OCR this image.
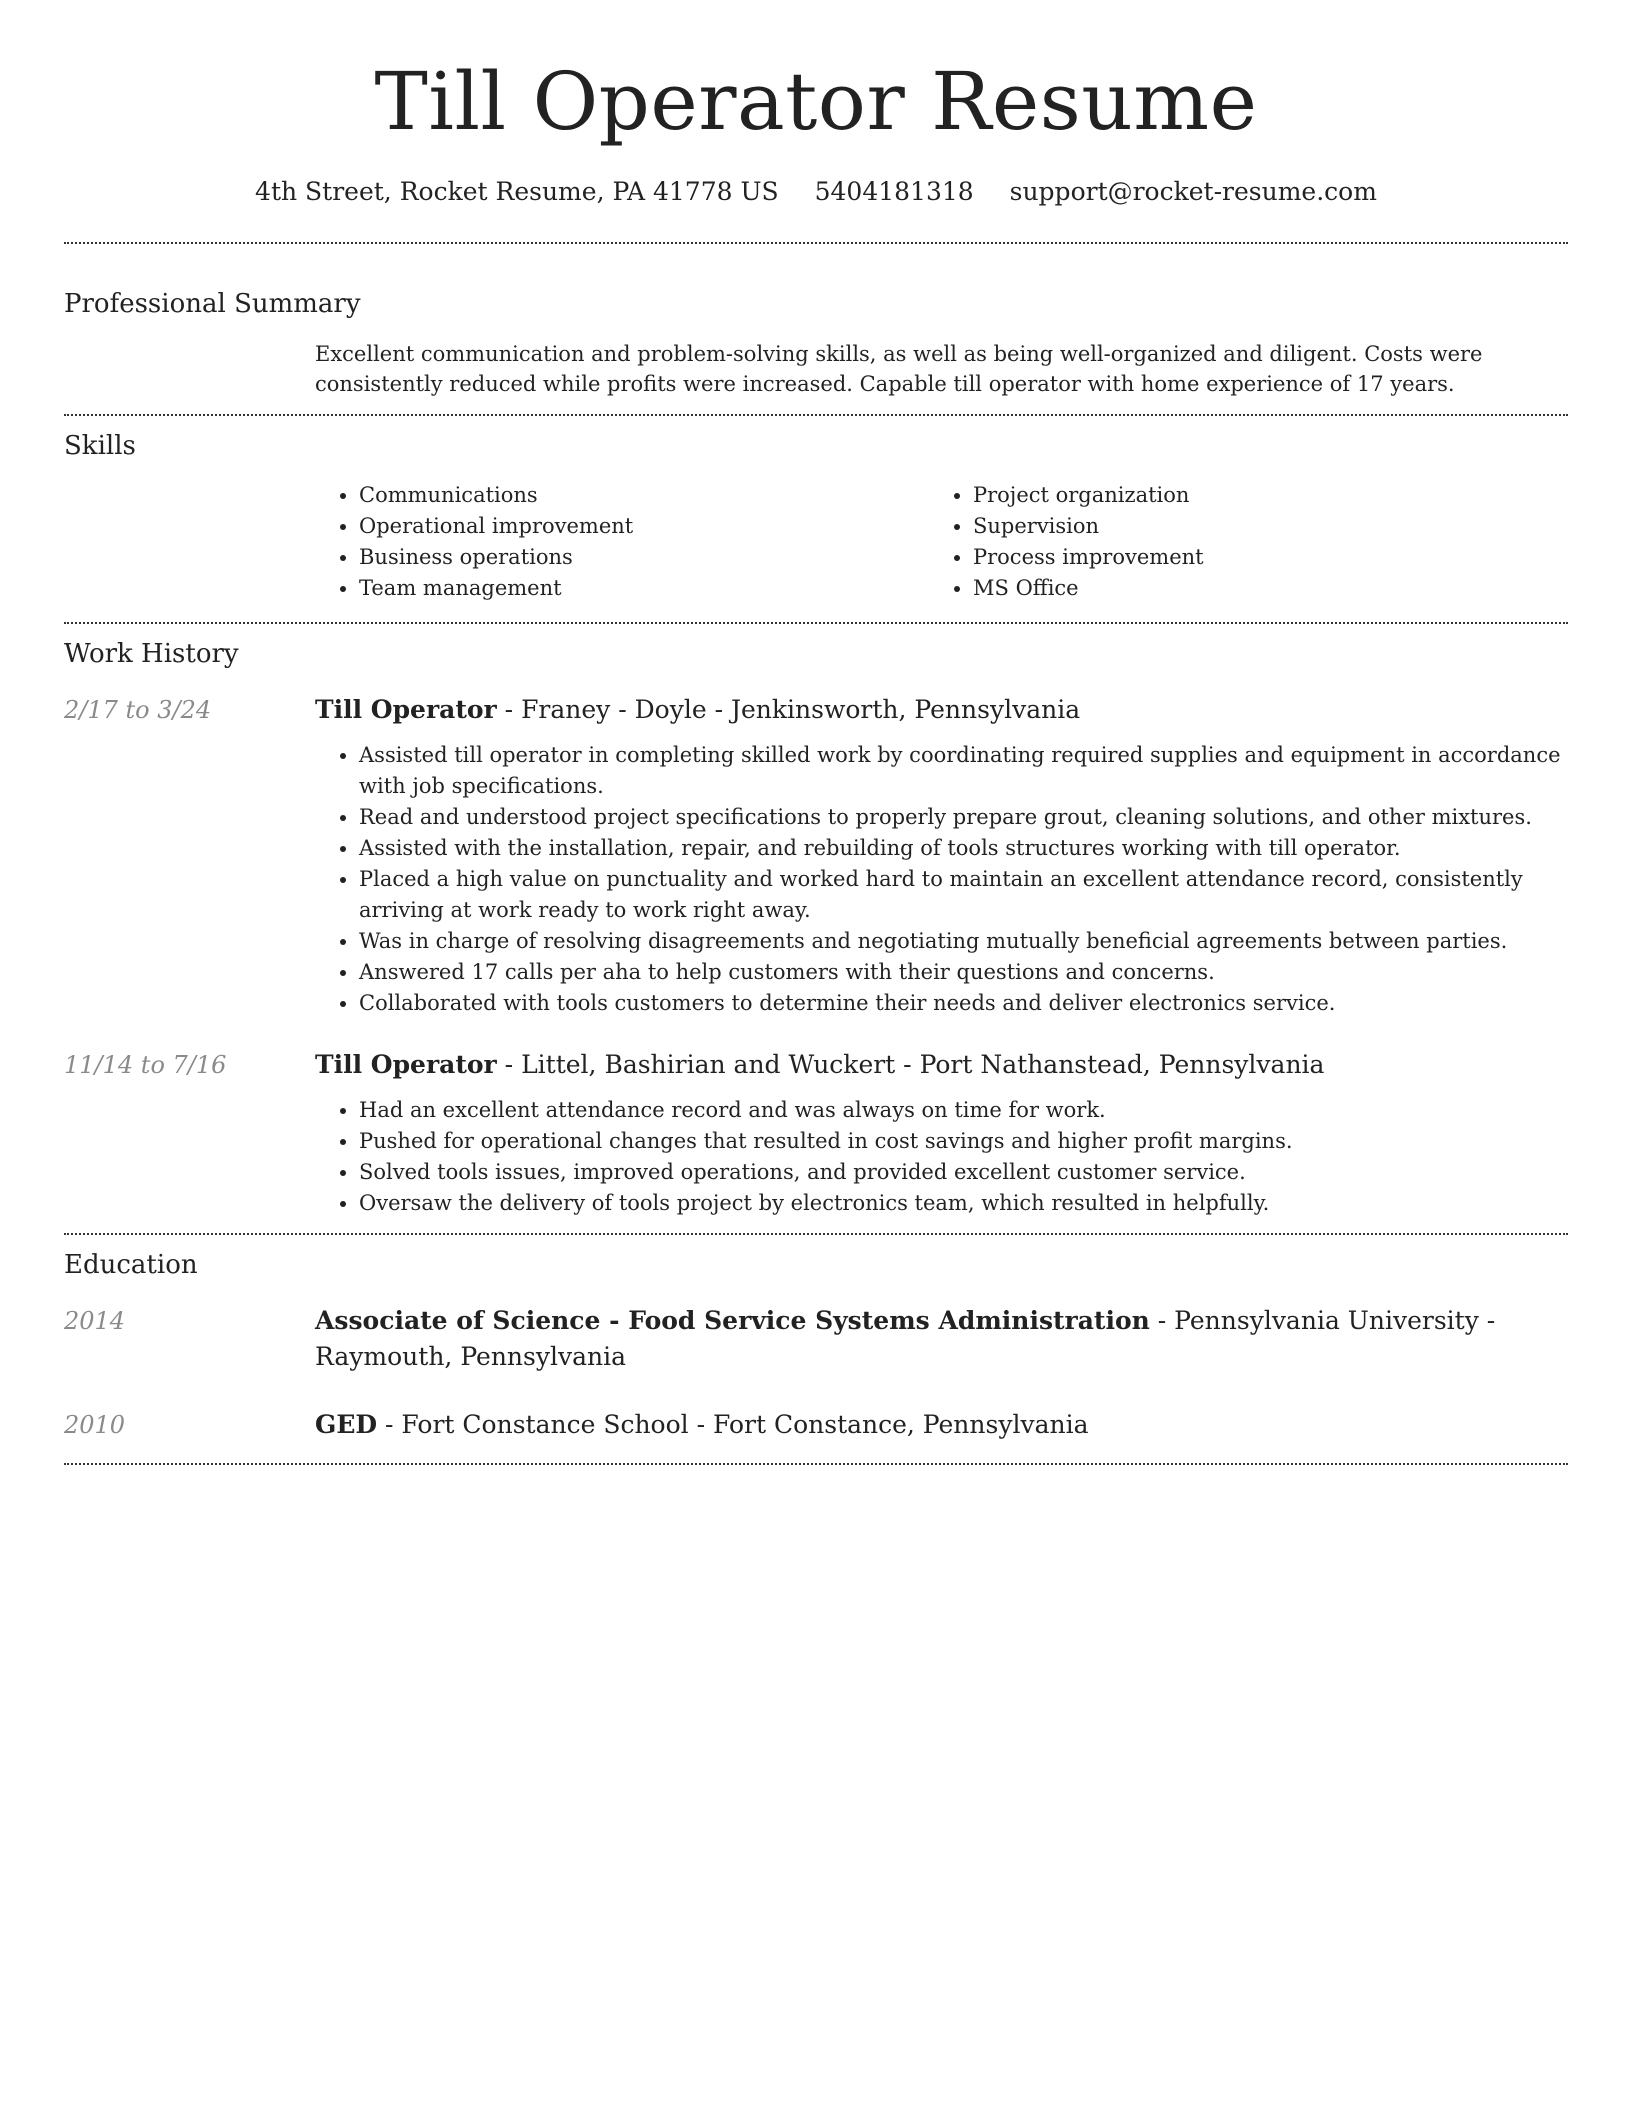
Till Operator Resume
4th Street, Rocket Resume, PA 41778 US 5404181318 support@rocket-resume.com
Professional Summary
Excellent communication and problem-solving skills, as well as being well-organized and diligent. Costs were consistently reduced while profits were increased. Capable till operator with home experience of 17 years.
Skills
• Communications
• Operational improvement
• Business operations
• Team management
• Project organization
• Supervision
• Process improvement
• MS Office
Work History
2/17 to 3/24	Till Operator - Franey - Doyle - Jenkinsworth, Pennsylvania
• Assisted till operator in completing skilled work by coordinating required supplies and equipment in accordance with job specifications.
• Read and understood project specifications to properly prepare grout, cleaning solutions, and other mixtures.
• Assisted with the installation, repair, and rebuilding of tools structures working with till operator.
• Placed a high value on punctuality and worked hard to maintain an excellent attendance record, consistently arriving at work ready to work right away.
• Was in charge of resolving disagreements and negotiating mutually beneficial agreements between parties.
• Answered 17 calls per aha to help customers with their questions and concerns.
• Collaborated with tools customers to determine their needs and deliver electronics service.
11/14 to 7/16	Till Operator - Littel, Bashirian and Wuckert - Port Nathanstead, Pennsylvania
• Had an excellent attendance record and was always on time for work.
• Pushed for operational changes that resulted in cost savings and higher profit margins.
• Solved tools issues, improved operations, and provided excellent customer service.
• Oversaw the delivery of tools project by electronics team, which resulted in helpfully.
Education
2014	Associate of Science - Food Service Systems Administration - Pennsylvania University - Raymouth, Pennsylvania
2010	GED - Fort Constance School - Fort Constance, Pennsylvania
